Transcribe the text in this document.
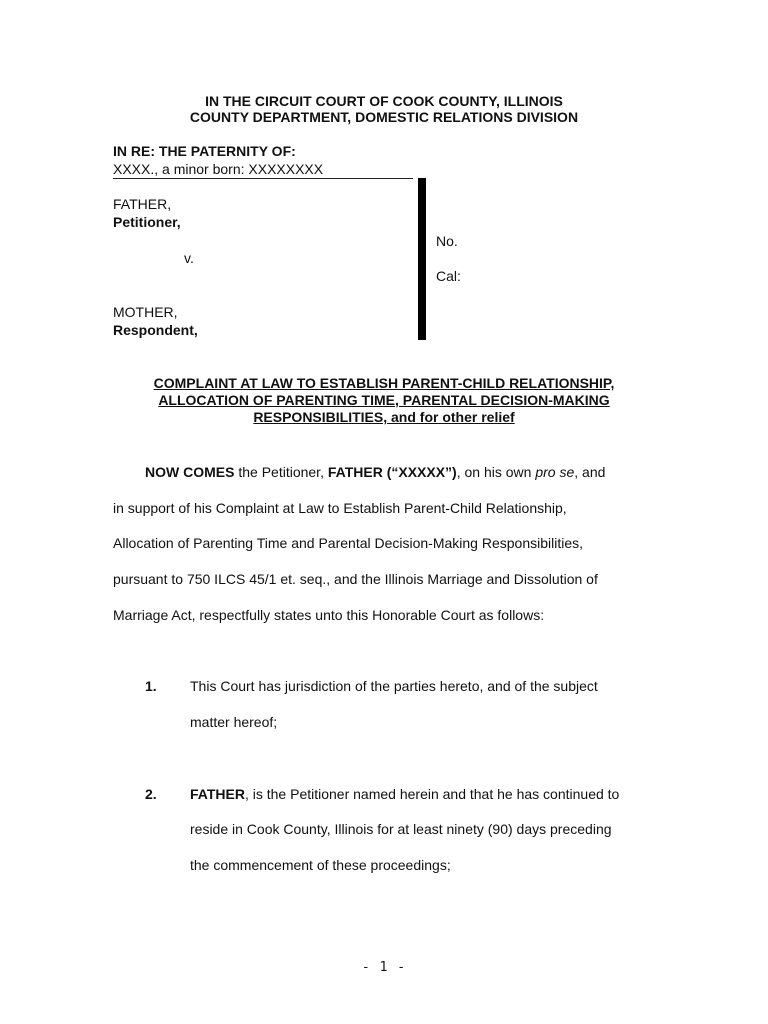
IN THE CIRCUIT COURT OF COOK COUNTY, ILLINOIS
COUNTY DEPARTMENT, DOMESTIC RELATIONS DIVISION
IN RE: THE PATERNITY OF:
XXXX., a minor born: XXXXXXXX
FATHER,
Petitioner,
v.
MOTHER,
Respondent,
No.
Cal:
COMPLAINT AT LAW TO ESTABLISH PARENT-CHILD RELATIONSHIP,
ALLOCATION OF PARENTING TIME, PARENTAL DECISION-MAKING
RESPONSIBILITIES, and for other relief
NOW COMES the Petitioner, FATHER (“XXXXX”), on his own pro se, and
in support of his Complaint at Law to Establish Parent-Child Relationship,
Allocation of Parenting Time and Parental Decision-Making Responsibilities,
pursuant to 750 ILCS 45/1 et. seq., and the Illinois Marriage and Dissolution of
Marriage Act, respectfully states unto this Honorable Court as follows:
1. This Court has jurisdiction of the parties hereto, and of the subject
matter hereof;
2. FATHER, is the Petitioner named herein and that he has continued to
reside in Cook County, Illinois for at least ninety (90) days preceding
the commencement of these proceedings;
- 1 -
